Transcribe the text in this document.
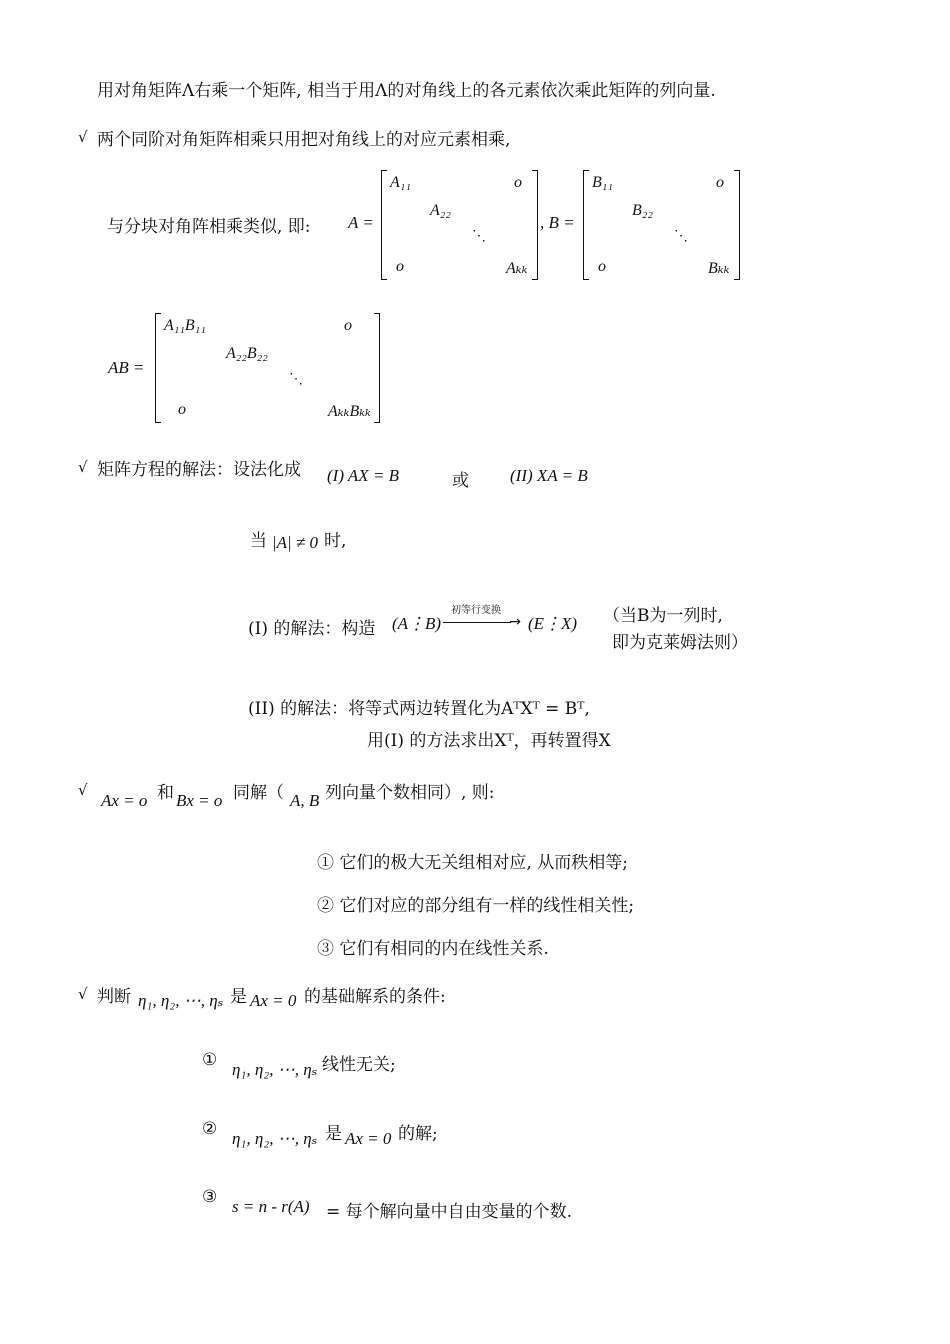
用对角矩阵Λ右乘一个矩阵, 相当于用Λ的对角线上的各元素依次乘此矩阵的列向量.
√ 两个同阶对角矩阵相乘只用把对角线上的对应元素相乘,
与分块对角阵相乘类似, 即: A =
A₁₁	o
A₂₂
⋱
o	Aₖₖ
, B =
B₁₁	o
B₂₂
⋱
o	Bₖₖ
AB =
A₁₁B₁₁	o
A₂₂B₂₂
⋱
o	AₖₖBₖₖ
√ 矩阵方程的解法：设法化成 (I) AX = B	或 (II) XA = B
当 |A| ≠ 0 时,
(I) 的解法：构造 (A⋮B)
初等行变换
→ (E⋮X) （当B为一列时,
即为克莱姆法则）
(II) 的解法：将等式两边转置化为AᵀXᵀ = Bᵀ,
用(I) 的方法求出Xᵀ，再转置得X
√
Ax = o 和 Bx = o 同解（ A, B 列向量个数相同）, 则:
① 它们的极大无关组相对应, 从而秩相等;
② 它们对应的部分组有一样的线性相关性;
③ 它们有相同的内在线性关系.
√ 判断 η₁, η₂, ⋯, ηₛ 是 Ax = 0 的基础解系的条件:
① η₁, η₂, ⋯, ηₛ 线性无关;
② η₁, η₂, ⋯, ηₛ 是 Ax = 0 的解;
③ s = n - r(A) = 每个解向量中自由变量的个数.
